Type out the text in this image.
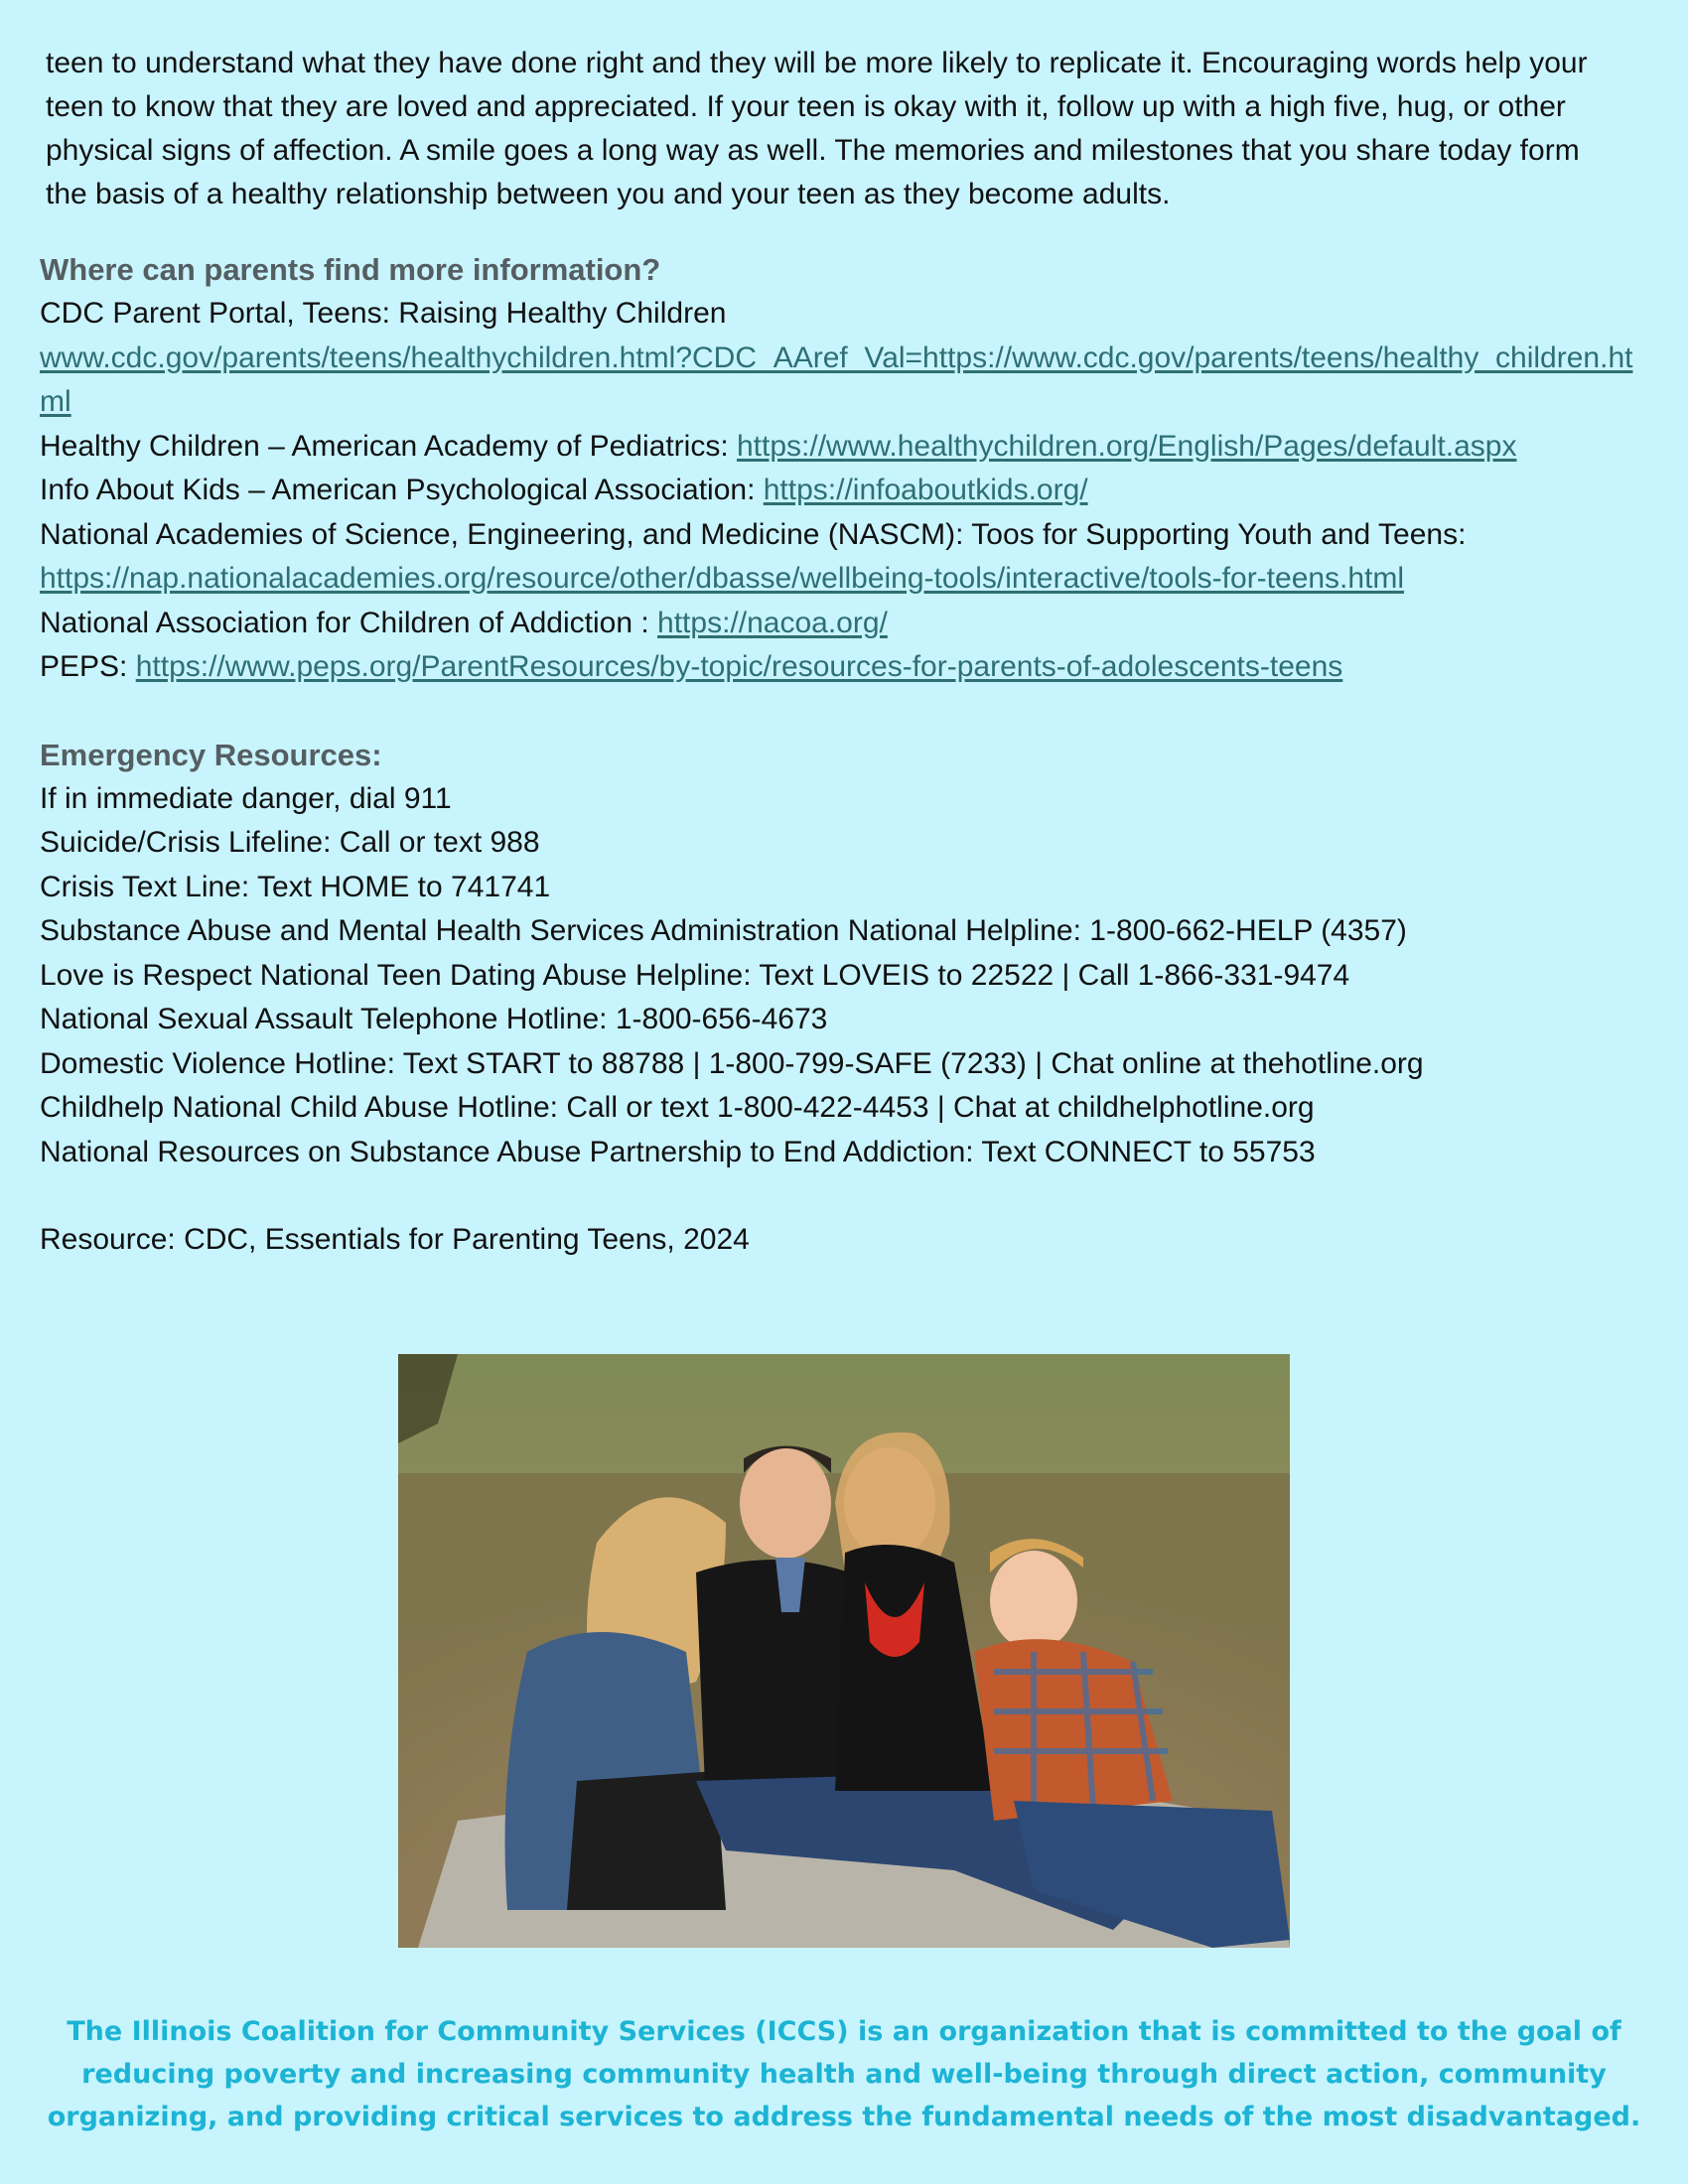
teen to understand what they have done right and they will be more likely to replicate it. Encouraging words help your teen to know that they are loved and appreciated. If your teen is okay with it, follow up with a high five, hug, or other physical signs of affection. A smile goes a long way as well. The memories and milestones that you share today form the basis of a healthy relationship between you and your teen as they become adults.

Where can parents find more information?

CDC Parent Portal, Teens: Raising Healthy Children

www.cdc.gov/parents/teens/healthychildren.html?CDC_AAref_Val=https://www.cdc.gov/parents/teens/healthy_children.html

Healthy Children – American Academy of Pediatrics: https://www.healthychildren.org/English/Pages/default.aspx

Info About Kids – American Psychological Association: https://infoaboutkids.org/

National Academies of Science, Engineering, and Medicine (NASCM): Toos for Supporting Youth and Teens:

https://nap.nationalacademies.org/resource/other/dbasse/wellbeing-tools/interactive/tools-for-teens.html

National Association for Children of Addiction : https://nacoa.org/

PEPS: https://www.peps.org/ParentResources/by-topic/resources-for-parents-of-adolescents-teens

Emergency Resources:

If in immediate danger, dial 911

Suicide/Crisis Lifeline: Call or text 988

Crisis Text Line: Text HOME to 741741

Substance Abuse and Mental Health Services Administration National Helpline: 1-800-662-HELP (4357)

Love is Respect National Teen Dating Abuse Helpline: Text LOVEIS to 22522 | Call 1-866-331-9474

National Sexual Assault Telephone Hotline: 1-800-656-4673

Domestic Violence Hotline: Text START to 88788 | 1-800-799-SAFE (7233) | Chat online at thehotline.org

Childhelp National Child Abuse Hotline: Call or text 1-800-422-4453 | Chat at childhelphotline.org

National Resources on Substance Abuse Partnership to End Addiction: Text CONNECT to 55753

Resource: CDC, Essentials for Parenting Teens, 2024

The Illinois Coalition for Community Services (ICCS) is an organization that is committed to the goal of reducing poverty and increasing community health and well-being through direct action, community organizing, and providing critical services to address the fundamental needs of the most disadvantaged.
